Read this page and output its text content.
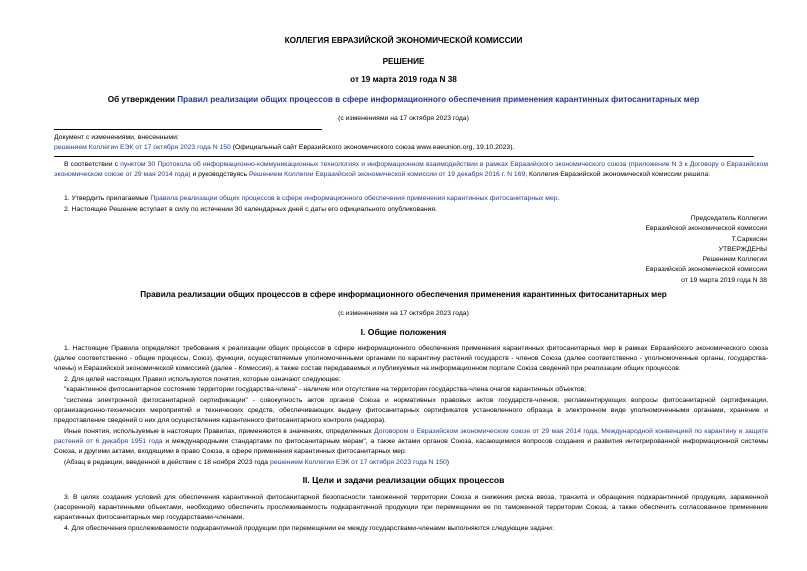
КОЛЛЕГИЯ ЕВРАЗИЙСКОЙ ЭКОНОМИЧЕСКОЙ КОМИССИИ
РЕШЕНИЕ
от 19 марта 2019 года N 38
Об утверждении Правил реализации общих процессов в сфере информационного обеспечения применения карантинных фитосанитарных мер
(с изменениями на 17 октября 2023 года)
Документ с изменениями, внесенными:
решением Коллегии ЕЭК от 17 октября 2023 года N 150 (Официальный сайт Евразийского экономического союза www.eaeunion.org, 19.10.2023).
В соответствии с пунктом 30 Протокола об информационно-коммуникационных технологиях и информационном взаимодействии в рамках Евразийского экономического союза (приложение N 3 к Договору о Евразийском экономическом союзе от 29 мая 2014 года) и руководствуясь Решением Коллегии Евразийской экономической комиссии от 19 декабря 2016 г. N 169, Коллегия Евразийской экономической комиссии решила:
1. Утвердить прилагаемые Правила реализации общих процессов в сфере информационного обеспечения применения карантинных фитосанитарных мер.
2. Настоящее Решение вступает в силу по истечении 30 календарных дней с даты его официального опубликования.
Председатель Коллегии
Евразийской экономической комиссии
Т.Саркисян
УТВЕРЖДЕНЫ
Решением Коллегии
Евразийской экономической комиссии
от 19 марта 2019 года N 38
Правила реализации общих процессов в сфере информационного обеспечения применения карантинных фитосанитарных мер
(с изменениями на 17 октября 2023 года)
I. Общие положения
1. Настоящие Правила определяют требования к реализации общих процессов в сфере информационного обеспечения применения карантинных фитосанитарных мер в рамках Евразийского экономического союза (далее соответственно - общие процессы, Союз), функции, осуществляемые уполномоченными органами по карантину растений государств - членов Союза (далее соответственно - уполномоченные органы, государства-члены) и Евразийской экономической комиссией (далее - Комиссия), а также состав передаваемых и публикуемых на информационном портале Союза сведений при реализации общих процессов.
2. Для целей настоящих Правил используются понятия, которые означают следующее:
"карантинное фитосанитарное состояние территории государства-члена" - наличие или отсутствие на территории государства-члена очагов карантинных объектов;
"система электронной фитосанитарной сертификации" - совокупность актов органов Союза и нормативных правовых актов государств-членов, регламентирующих вопросы фитосанитарной сертификации, организационно-технических мероприятий и технических средств, обеспечивающих выдачу фитосанитарных сертификатов установленного образца в электронном виде уполномоченными органами, хранение и предоставление сведений о них для осуществления карантинного фитосанитарного контроля (надзора).
Иные понятия, используемые в настоящих Правилах, применяются в значениях, определенных Договором о Евразийском экономическом союзе от 29 мая 2014 года, Международной конвенцией по карантину и защите растений от 6 декабря 1951 года и международными стандартами по фитосанитарным мерам", а также актами органов Союза, касающимися вопросов создания и развития интегрированной информационной системы Союза, и другими актами, входящими в право Союза, в сфере применения карантинных фитосанитарных мер.
(Абзац в редакции, введенной в действие с 18 ноября 2023 года решением Коллегии ЕЭК от 17 октября 2023 года N 150)
II. Цели и задачи реализации общих процессов
3. В целях создания условий для обеспечения карантинной фитосанитарной безопасности таможенной территории Союза и снижения риска ввоза, транзита и обращения подкарантинной продукции, зараженной (засоренной) карантинными объектами, необходимо обеспечить прослеживаемость подкарантинной продукции при перемещении ее по таможенной территории Союза, а также обеспечить согласованное применение карантинных фитосанитарных мер государствами-членами.
4. Для обеспечения прослеживаемости подкарантинной продукции при перемещении ее между государствами-членами выполняются следующие задачи:
